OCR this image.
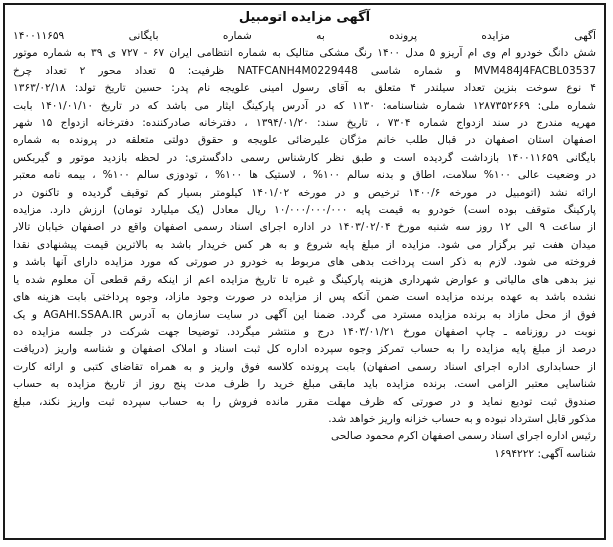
آگهی مزایده اتومبیل
آگهی مزایده پرونده به شماره بایگانی ۱۴۰۰۱۱۶۵۹
شش دانگ خودرو ام وی ام آریزو ۵ مدل ۱۴۰۰ رنگ مشکی متالیک به شماره انتظامی ایران ۶۷ - ۷۲۷ ی ۳۹ به شماره موتور
MVM484J4FACBL03537 و شماره شاسی NATFCANH4M0229448 ظرفیت: ۵ تعداد محور ۲ تعداد چرخ
۴ نوع سوخت بنزین تعداد سیلندر ۴ متعلق به آقای رسول امینی علویجه نام پدر: حسین تاریخ تولد: ۱۳۶۳/۰۲/۱۸
شماره ملی: ۱۲۸۷۳۵۲۶۶۹ شماره شناسنامه: ۱۱۳۰ که در آدرس پارکینگ ایثار می باشد که در تاریخ ۱۴۰۱/۰۱/۱۰ بابت
مهریه مندرج در سند ازدواج شماره ۷۳۰۴ ، تاریخ سند: ۱۳۹۴/۰۱/۲۰ ، دفترخانه صادرکننده: دفترخانه ازدواج ۱۵ شهر
اصفهان استان اصفهان در قبال طلب خانم مژگان علیرضائی علویجه و حقوق دولتی متعلقه در پرونده به شماره
بایگانی ۱۴۰۰۱۱۶۵۹ بازداشت گردیده است و طبق نظر کارشناس رسمی دادگستری: در لحظه بازدید موتور و گیربکس
در وضعیت عالی ۱۰۰% سلامت، اطاق و بدنه سالم ۱۰۰% ، لاستیک ها ۱۰۰% ، تودوزی سالم ۱۰۰% ، بیمه نامه معتبر
ارائه نشد (اتومبیل در مورخه ۱۴۰۰/۶ ترخیص و در مورخه ۱۴۰۱/۰۲ کیلومتر بسیار کم توقیف گردیده و تاکنون در
پارکینگ متوقف بوده است) خودرو به قیمت پایه ۱۰/۰۰۰/۰۰۰/۰۰۰ ریال معادل (یک میلیارد تومان) ارزش دارد. مزایده
از ساعت ۹ الی ۱۲ روز سه شنبه مورخ ۱۴۰۳/۰۲/۰۴ در اداره اجرای اسناد رسمی اصفهان واقع در اصفهان خیابان تالار
میدان هفت تیر برگزار می شود. مزایده از مبلغ پایه شروع و به هر کس خریدار باشد به بالاترین قیمت پیشنهادی نقدا
فروخته می شود. لازم به ذکر است پرداخت بدهی های مربوط به خودرو در صورتی که مورد مزایده دارای آنها باشد و
نیز بدهی های مالیاتی و عوارض شهرداری هزینه پارکینگ و غیره تا تاریخ مزایده اعم از اینکه رقم قطعی آن معلوم شده یا
نشده باشد به عهده برنده مزایده است ضمن آنکه پس از مزایده در صورت وجود مازاد، وجوه پرداختی بابت هزینه های
فوق از محل مازاد به برنده مزایده مسترد می گردد. ضمنا این آگهی در سایت سازمان به آدرس AGAHI.SSAA.IR و یک
نوبت در روزنامه ـ چاپ اصفهان مورخ ۱۴۰۳/۰۱/۲۱ درج و منتشر میگردد. توضیحا جهت شرکت در جلسه مزایده ده
درصد از مبلغ پایه مزایده را به حساب تمرکز وجوه سپرده اداره کل ثبت اسناد و املاک اصفهان و شناسه واریز (دریافت
از حسابداری اداره اجرای اسناد رسمی اصفهان) بابت پرونده کلاسه فوق واریز و به همراه تقاضای کتبی و ارائه کارت
شناسایی معتبر الزامی است. برنده مزایده باید مابقی مبلغ خرید را ظرف مدت پنج روز از تاریخ مزایده به حساب
صندوق ثبت تودیع نماید و در صورتی که ظرف مهلت مقرر مانده فروش را به حساب سپرده ثبت واریز نکند، مبلغ
مذکور قابل استرداد نبوده و به حساب خزانه واریز خواهد شد.
رئیس اداره اجرای اسناد رسمی اصفهان اکرم محمود صالحی
شناسه آگهی: ۱۶۹۴۲۲۲
